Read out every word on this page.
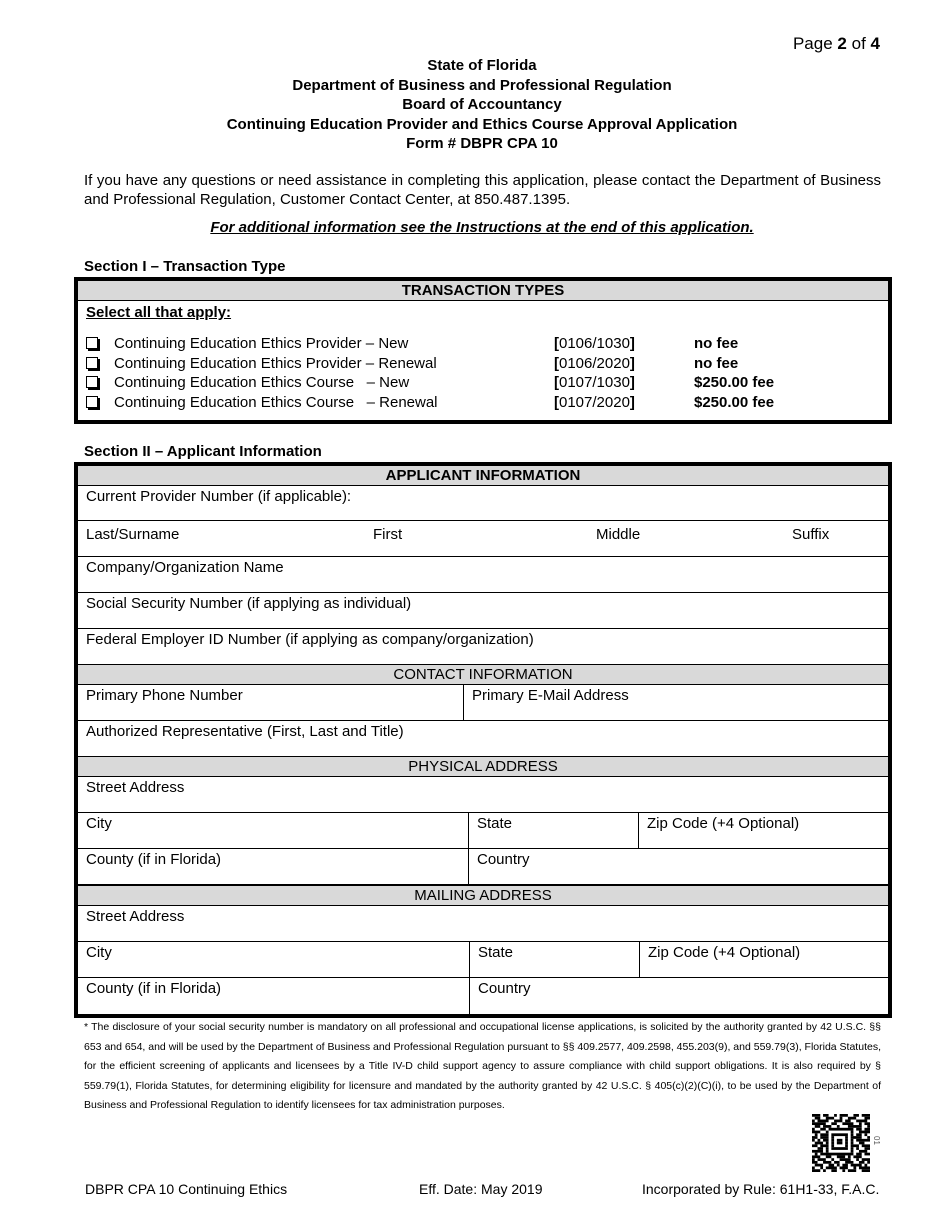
Page 2 of 4
State of Florida
Department of Business and Professional Regulation
Board of Accountancy
Continuing Education Provider and Ethics Course Approval Application
Form # DBPR CPA 10
If you have any questions or need assistance in completing this application, please contact the Department of Business and Professional Regulation, Customer Contact Center, at 850.487.1395.
For additional information see the Instructions at the end of this application.
Section I – Transaction Type
TRANSACTION TYPES
Select all that apply:
Continuing Education Ethics Provider – New	[0106/1030]	no fee
Continuing Education Ethics Provider – Renewal	[0106/2020]	no fee
Continuing Education Ethics Course   – New	[0107/1030]	$250.00 fee
Continuing Education Ethics Course   – Renewal	[0107/2020]	$250.00 fee
Section II – Applicant Information
APPLICANT INFORMATION
Current Provider Number (if applicable):
Last/Surname	First	Middle	Suffix
Company/Organization Name
Social Security Number (if applying as individual)
Federal Employer ID Number (if applying as company/organization)
CONTACT INFORMATION
Primary Phone Number	Primary E-Mail Address
Authorized Representative (First, Last and Title)
PHYSICAL ADDRESS
Street Address
City	State	Zip Code (+4 Optional)
County (if in Florida)	Country
MAILING ADDRESS
Street Address
City	State	Zip Code (+4 Optional)
County (if in Florida)	Country
* The disclosure of your social security number is mandatory on all professional and occupational license applications, is solicited by the authority granted by 42 U.S.C. §§ 653 and 654, and will be used by the Department of Business and Professional Regulation pursuant to §§ 409.2577, 409.2598, 455.203(9), and 559.79(3), Florida Statutes, for the efficient screening of applicants and licensees by a Title IV-D child support agency to assure compliance with child support obligations. It is also required by § 559.79(1), Florida Statutes, for determining eligibility for licensure and mandated by the authority granted by 42 U.S.C. § 405(c)(2)(C)(i), to be used by the Department of Business and Professional Regulation to identify licensees for tax administration purposes.
01
DBPR CPA 10 Continuing Ethics	Eff. Date: May 2019	Incorporated by Rule: 61H1-33, F.A.C.
